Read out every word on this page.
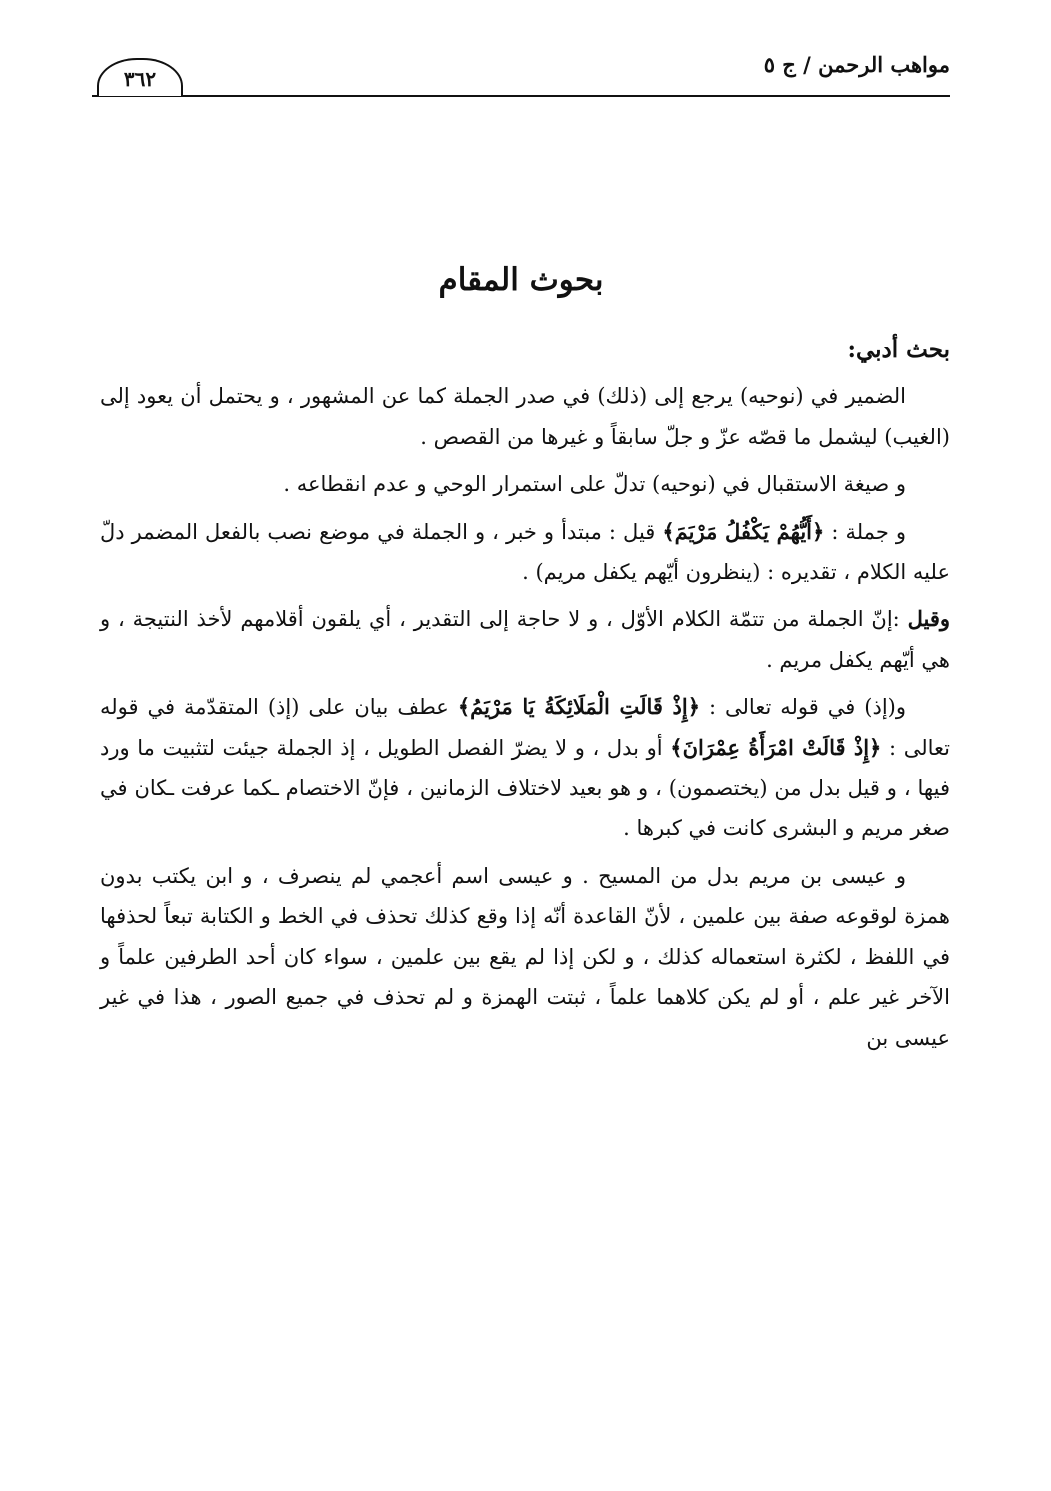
مواهب الرحمن / ج ٥
٣٦٢
بحوث المقام
بحث أدبي:

الضمير في (نوحيه) يرجع إلى (ذلك) في صدر الجملة كما عن المشهور ، و يحتمل أن يعود إلى (الغيب) ليشمل ما قصّه عزّ و جلّ سابقاً و غيرها من القصص .

و صيغة الاستقبال في (نوحيه) تدلّ على استمرار الوحي و عدم انقطاعه .

و جملة : ﴿أَيُّهُمْ يَكْفُلُ مَرْيَمَ﴾ قيل : مبتدأ و خبر ، و الجملة في موضع نصب بالفعل المضمر دلّ عليه الكلام ، تقديره : (ينظرون أيّهم يكفل مريم) .

وقيل :إنّ الجملة من تتمّة الكلام الأوّل ، و لا حاجة إلى التقدير ، أي يلقون أقلامهم لأخذ النتيجة ، و هي أيّهم يكفل مريم .

و(إذ) في قوله تعالى : ﴿إِذْ قَالَتِ الْمَلَائِكَةُ يَا مَرْيَمُ﴾ عطف بيان على (إذ) المتقدّمة في قوله تعالى : ﴿إِذْ قَالَتْ امْرَأَةُ عِمْرَانَ﴾ أو بدل ، و لا يضرّ الفصل الطويل ، إذ الجملة جيئت لتثبيت ما ورد فيها ، و قيل بدل من (يختصمون) ، و هو بعيد لاختلاف الزمانين ، فإنّ الاختصام ـكما عرفت ـكان في صغر مريم و البشرى كانت في كبرها .

و عيسى بن مريم بدل من المسيح . و عيسى اسم أعجمي لم ينصرف ، و ابن يكتب بدون همزة لوقوعه صفة بين علمين ، لأنّ القاعدة أنّه إذا وقع كذلك تحذف في الخط و الكتابة تبعاً لحذفها في اللفظ ، لكثرة استعماله كذلك ، و لكن إذا لم يقع بين علمين ، سواء كان أحد الطرفين علماً و الآخر غير علم ، أو لم يكن كلاهما علماً ، ثبتت الهمزة و لم تحذف في جميع الصور ، هذا في غير عيسى بن
